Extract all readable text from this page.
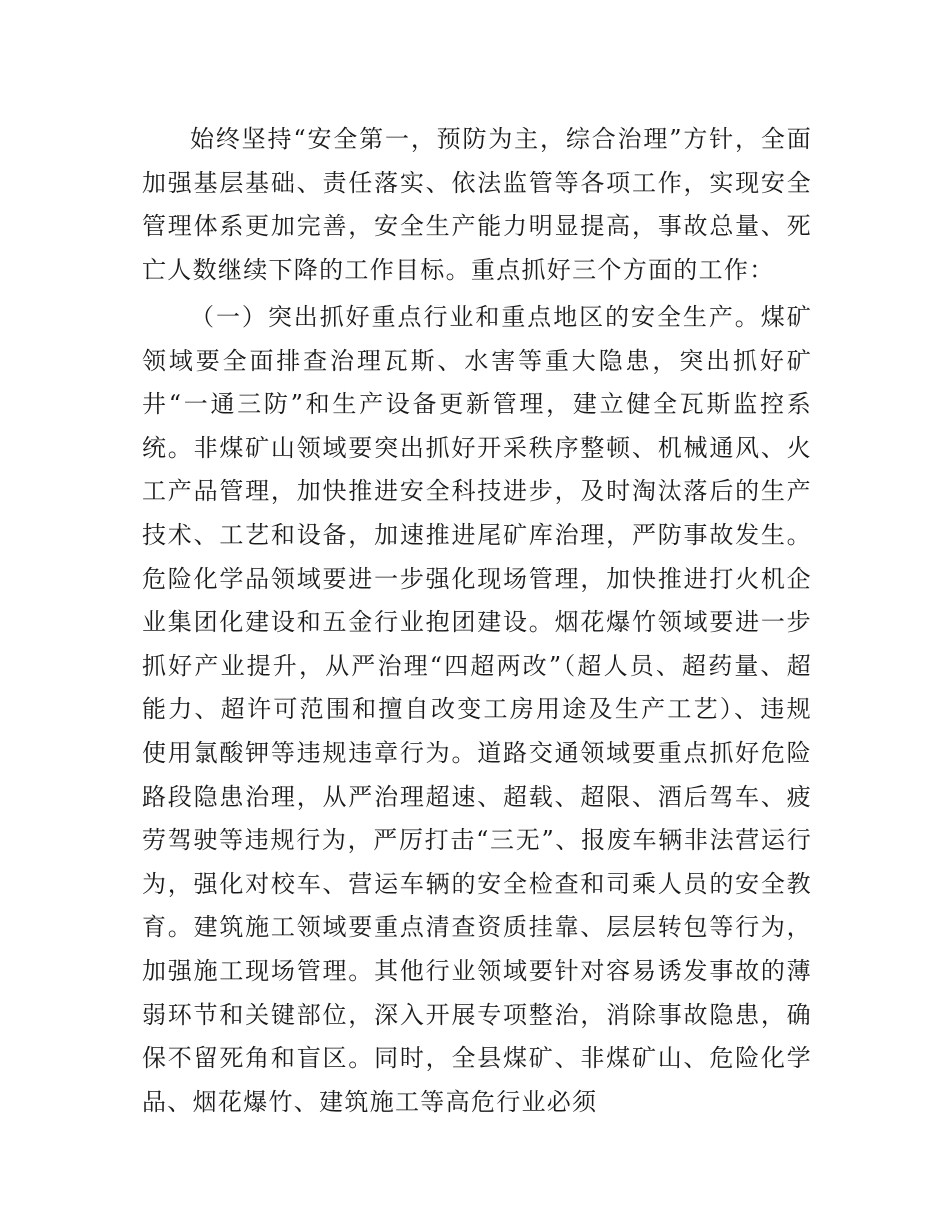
始终坚持“安全第一，预防为主，综合治理”方针，全面加强基层基础、责任落实、依法监管等各项工作，实现安全管理体系更加完善，安全生产能力明显提高，事故总量、死亡人数继续下降的工作目标。重点抓好三个方面的工作：

（一）突出抓好重点行业和重点地区的安全生产。煤矿领域要全面排查治理瓦斯、水害等重大隐患，突出抓好矿井“一通三防”和生产设备更新管理，建立健全瓦斯监控系统。非煤矿山领域要突出抓好开采秩序整顿、机械通风、火工产品管理，加快推进安全科技进步，及时淘汰落后的生产技术、工艺和设备，加速推进尾矿库治理，严防事故发生。危险化学品领域要进一步强化现场管理，加快推进打火机企业集团化建设和五金行业抱团建设。烟花爆竹领域要进一步抓好产业提升，从严治理“四超两改”（超人员、超药量、超能力、超许可范围和擅自改变工房用途及生产工艺）、违规使用氯酸钾等违规违章行为。道路交通领域要重点抓好危险路段隐患治理，从严治理超速、超载、超限、酒后驾车、疲劳驾驶等违规行为，严厉打击“三无”、报废车辆非法营运行为，强化对校车、营运车辆的安全检查和司乘人员的安全教育。建筑施工领域要重点清查资质挂靠、层层转包等行为，加强施工现场管理。其他行业领域要针对容易诱发事故的薄弱环节和关键部位，深入开展专项整治，消除事故隐患，确保不留死角和盲区。同时，全县煤矿、非煤矿山、危险化学品、烟花爆竹、建筑施工等高危行业必须
